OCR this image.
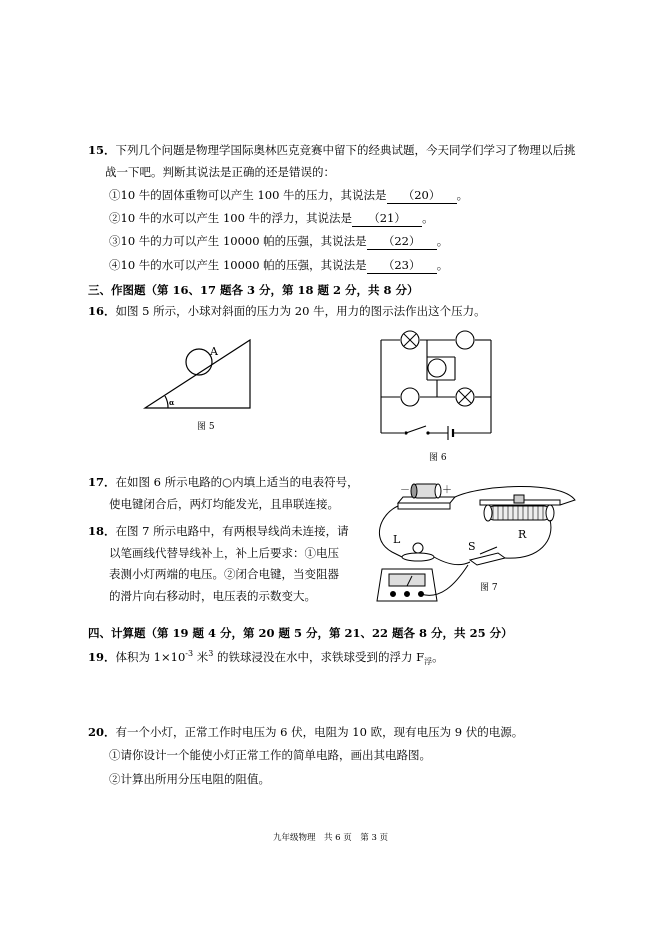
15．下列几个问题是物理学国际奥林匹克竞赛中留下的经典试题，今天同学们学习了物理以后挑
战一下吧。判断其说法是正确的还是错误的：
①10 牛的固体重物可以产生 100 牛的压力，其说法是 （20） 。
②10 牛的水可以产生 100 牛的浮力，其说法是 （21） 。
③10 牛的力可以产生 10000 帕的压强，其说法是 （22） 。
④10 牛的水可以产生 10000 帕的压强，其说法是 （23） 。
三、作图题（第 16、17 题各 3 分，第 18 题 2 分，共 8 分）
16．如图 5 所示，小球对斜面的压力为 20 牛，用力的图示法作出这个压力。
A
α
图 5
图 6
17．在如图 6 所示电路的○内填上适当的电表符号，
使电键闭合后，两灯均能发光，且串联连接。
18．在图 7 所示电路中，有两根导线尚未连接，请
以笔画线代替导线补上，补上后要求：①电压
表测小灯两端的电压。②闭合电键，当变阻器
的滑片向右移动时，电压表的示数变大。
－	＋
R
L
S
图 7
四、计算题（第 19 题 4 分，第 20 题 5 分，第 21、22 题各 8 分，共 25 分）
19．体积为 $1\times 10^{-3}$ 米$^3$ 的铁球浸没在水中，求铁球受到的浮力 $F_浮$。
20．有一个小灯，正常工作时电压为 6 伏，电阻为 10 欧，现有电压为 9 伏的电源。
①请你设计一个能使小灯正常工作的简单电路，画出其电路图。
②计算出所用分压电阻的阻值。
九年级物理　共 6 页　第 3 页
